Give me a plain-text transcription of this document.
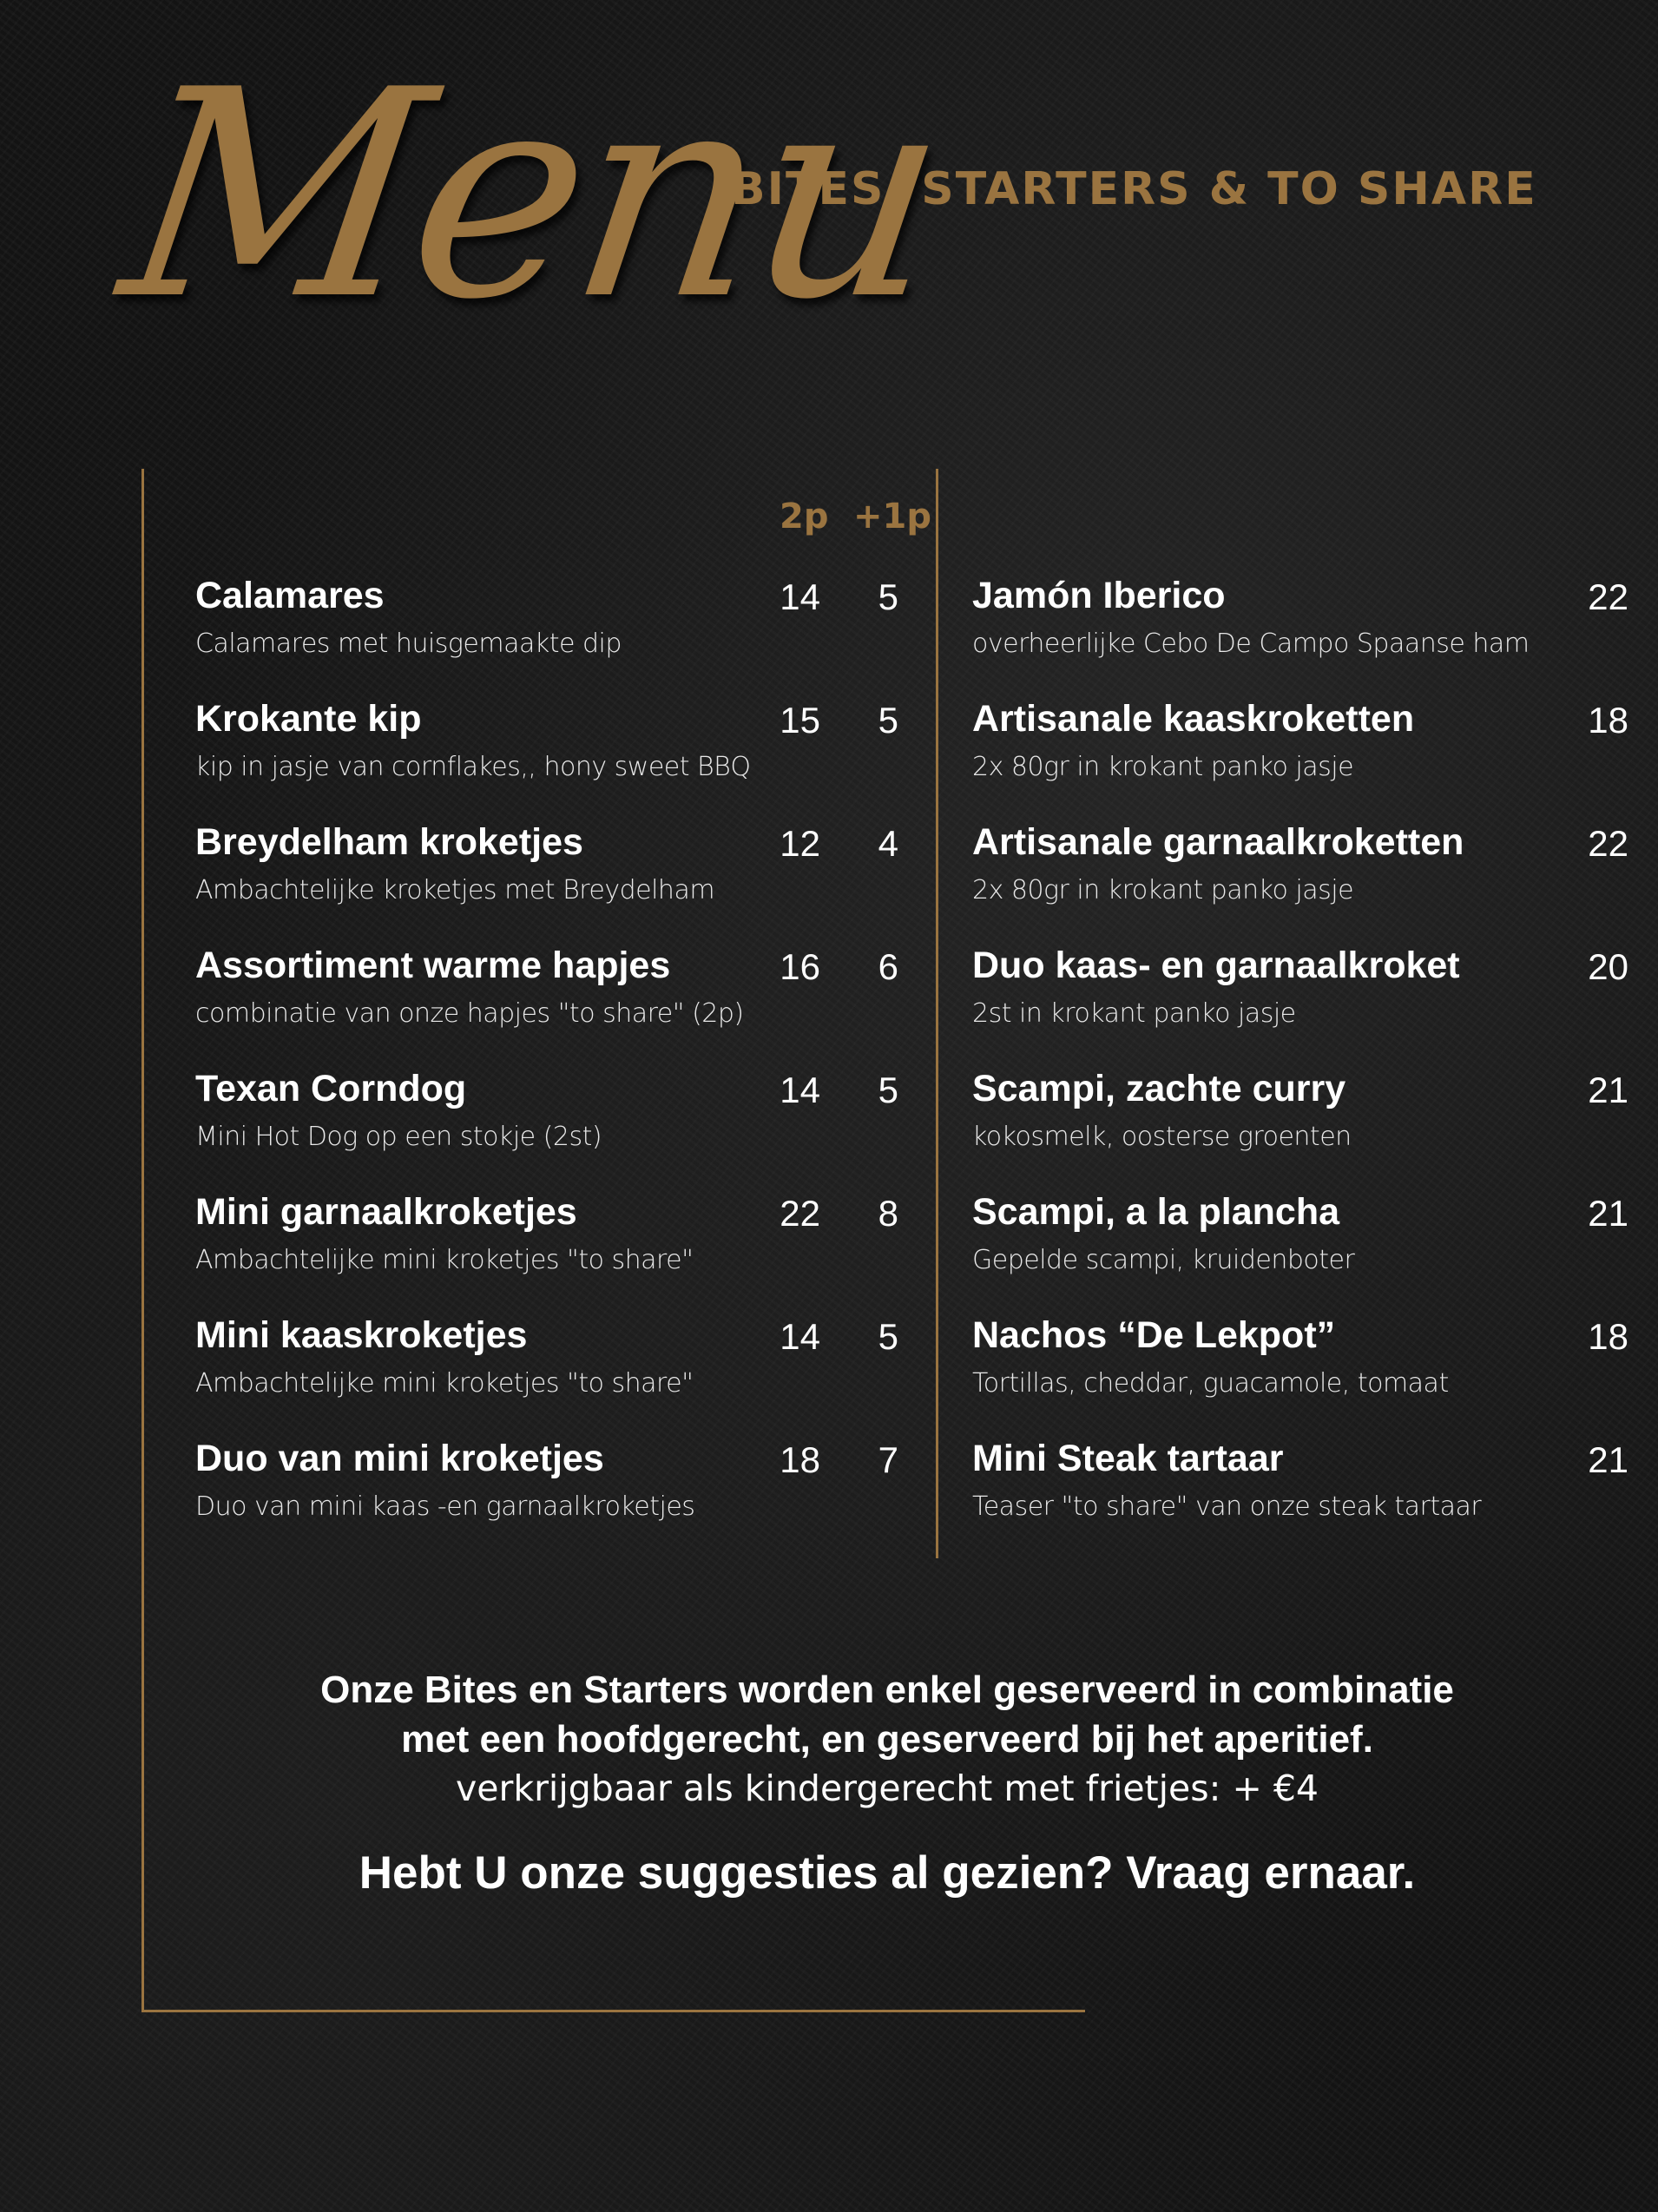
Menu
BITES, STARTERS & TO SHARE
2p +1p
Calamares
Calamares met huisgemaakte dip
14	5
Krokante kip
kip in jasje van cornflakes,, hony sweet BBQ
15	5
Breydelham kroketjes
Ambachtelijke kroketjes met Breydelham
12	4
Assortiment warme hapjes
combinatie van onze hapjes "to share" (2p)
16	6
Texan Corndog
Mini Hot Dog op een stokje (2st)
14	5
Mini garnaalkroketjes
Ambachtelijke mini kroketjes "to share"
22	8
Mini kaaskroketjes
Ambachtelijke mini kroketjes "to share"
14	5
Duo van mini kroketjes
Duo van mini kaas -en garnaalkroketjes
18	7
Jamón Iberico
overheerlijke Cebo De Campo Spaanse ham
22
Artisanale kaaskroketten
2x 80gr in krokant panko jasje
18
Artisanale garnaalkroketten
2x 80gr in krokant panko jasje
22
Duo kaas- en garnaalkroket
2st in krokant panko jasje
20
Scampi, zachte curry
kokosmelk, oosterse groenten
21
Scampi, a la plancha
Gepelde scampi, kruidenboter
21
Nachos “De Lekpot”
Tortillas, cheddar, guacamole, tomaat
18
Mini Steak tartaar
Teaser "to share" van onze steak tartaar
21

Onze Bites en Starters worden enkel geserveerd in combinatie

met een hoofdgerecht, en geserveerd bij het aperitief.

verkrijgbaar als kindergerecht met frietjes: + €4

Hebt U onze suggesties al gezien? Vraag ernaar.
